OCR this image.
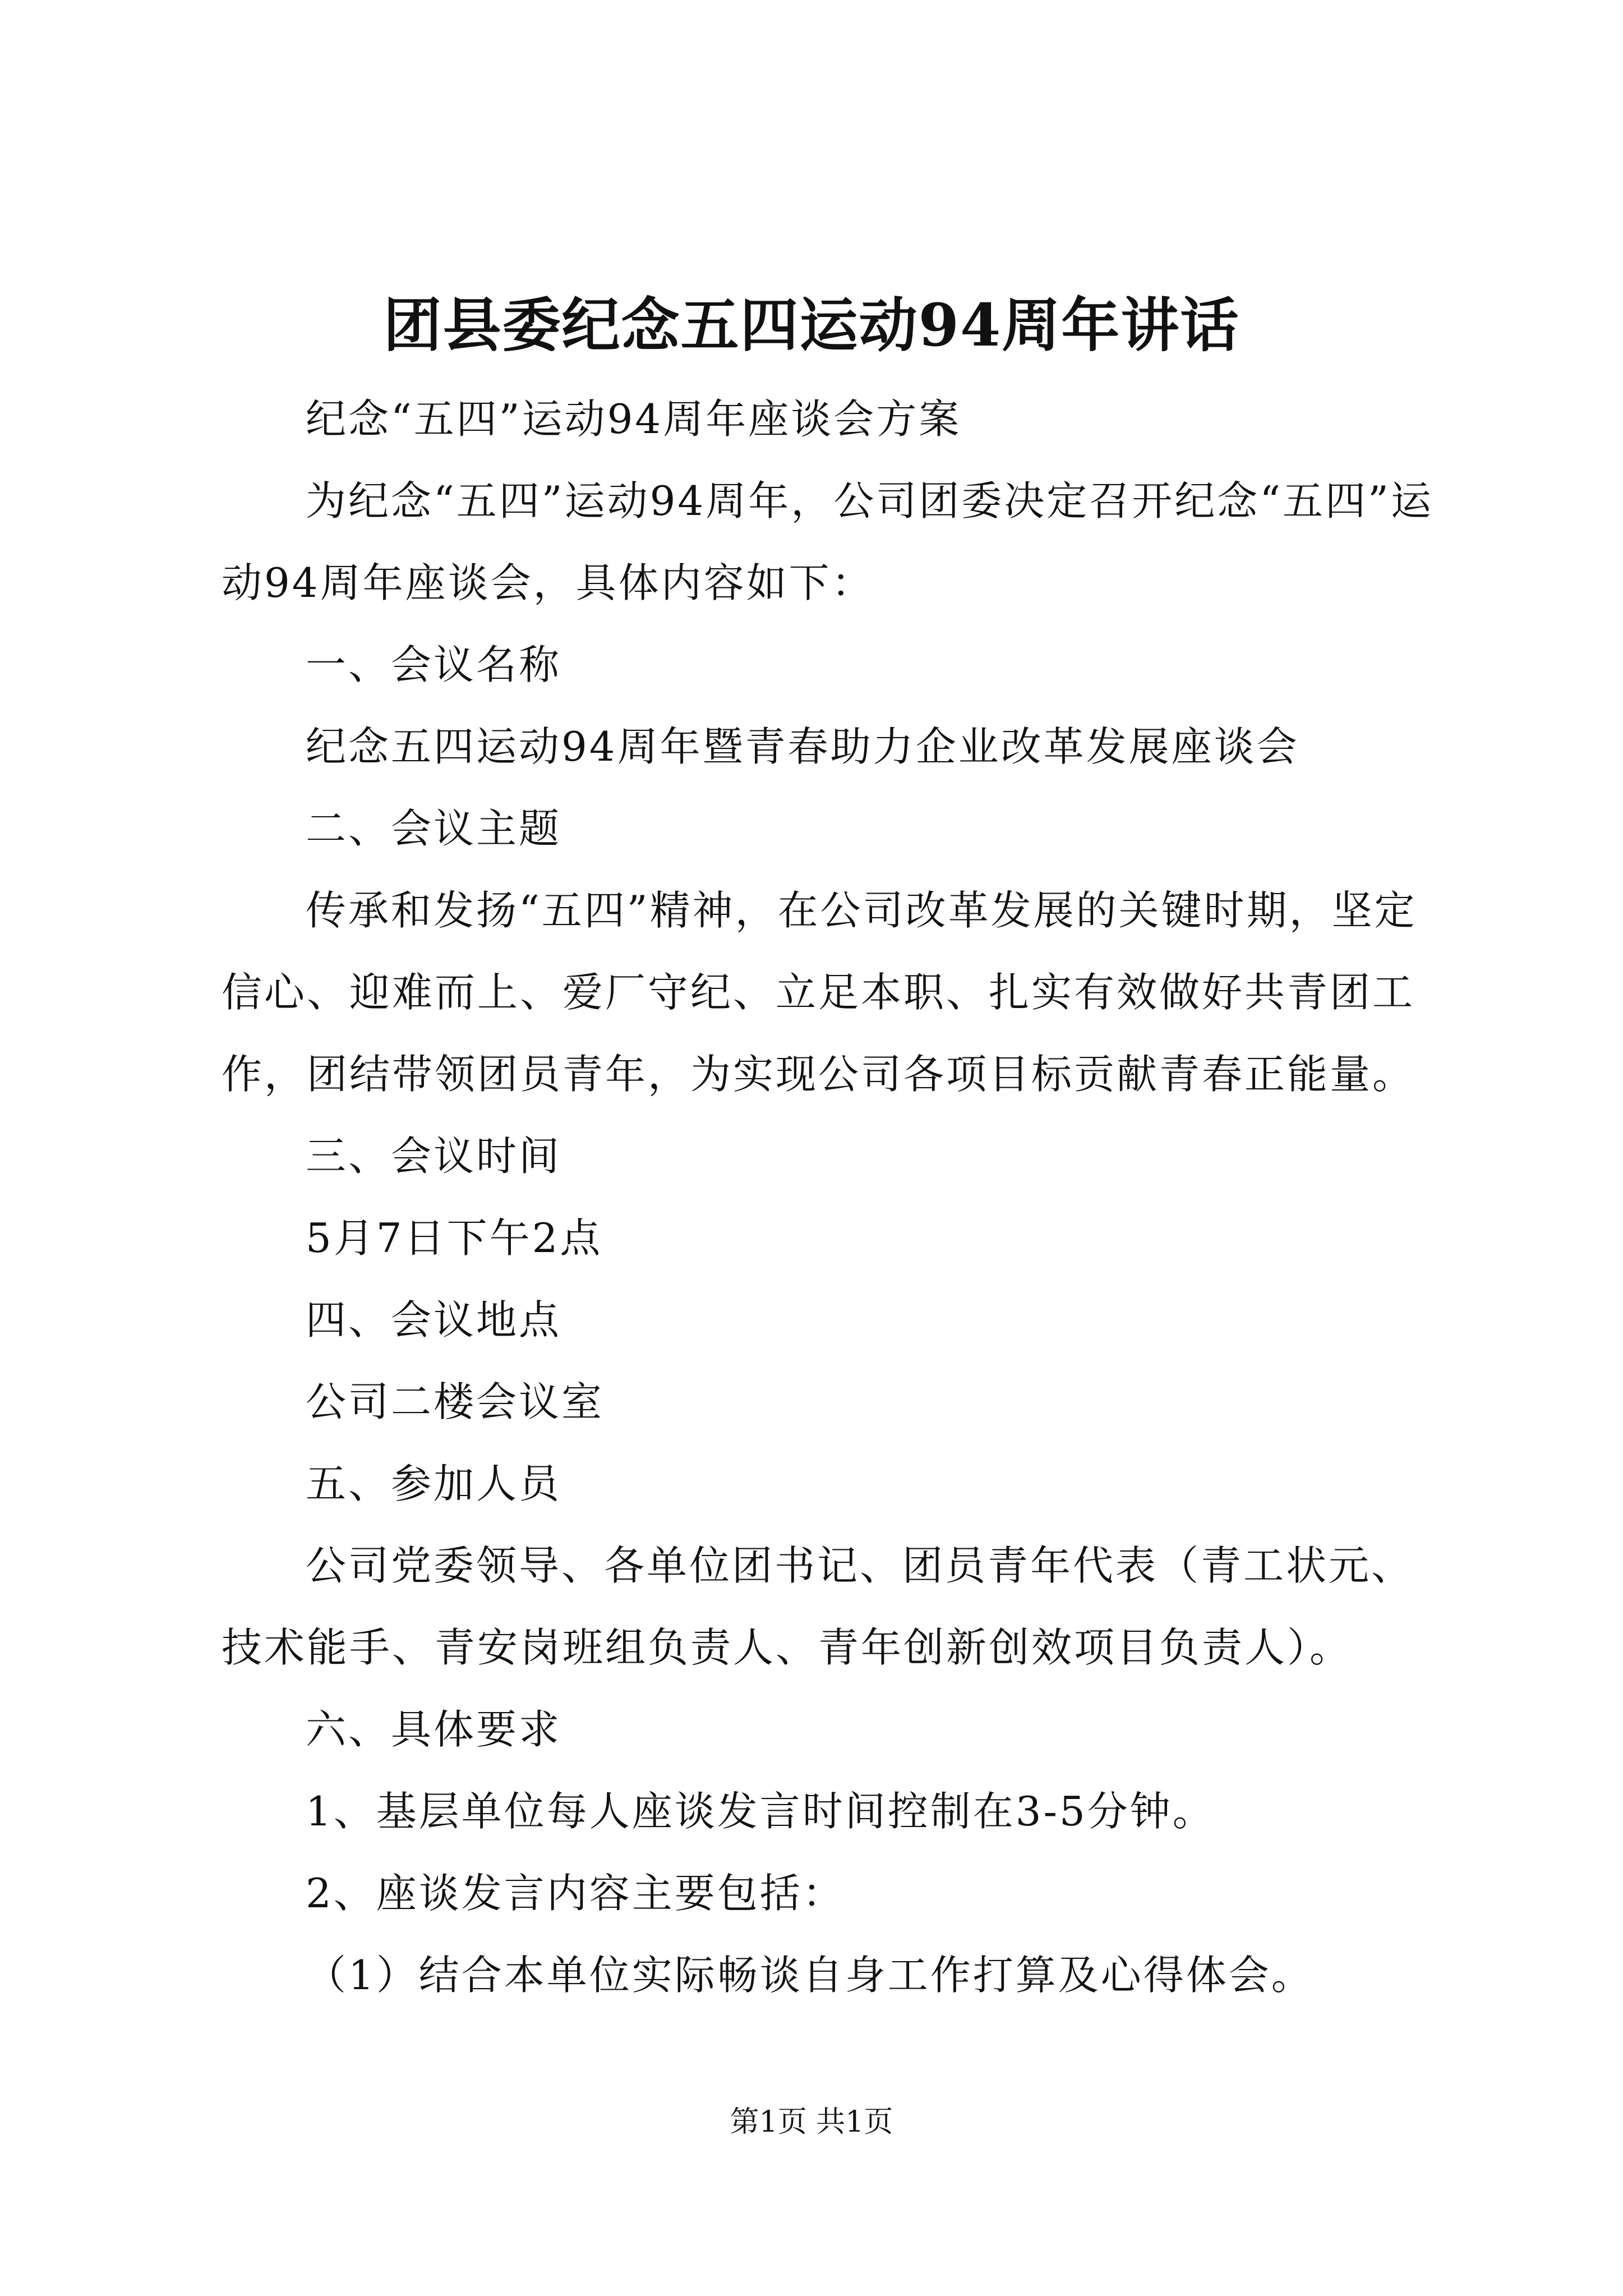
团县委纪念五四运动94周年讲话

纪念“五四”运动94周年座谈会方案

为纪念“五四”运动94周年，公司团委决定召开纪念“五四”运动94周年座谈会，具体内容如下：

一、会议名称

纪念五四运动94周年暨青春助力企业改革发展座谈会

二、会议主题

传承和发扬“五四”精神，在公司改革发展的关键时期，坚定信心、迎难而上、爱厂守纪、立足本职、扎实有效做好共青团工作，团结带领团员青年，为实现公司各项目标贡献青春正能量。

三、会议时间

5月7日下午2点

四、会议地点

公司二楼会议室

五、参加人员

公司党委领导、各单位团书记、团员青年代表（青工状元、技术能手、青安岗班组负责人、青年创新创效项目负责人）。

六、具体要求

1、基层单位每人座谈发言时间控制在3-5分钟。

2、座谈发言内容主要包括：

（1）结合本单位实际畅谈自身工作打算及心得体会。

第1页 共1页
